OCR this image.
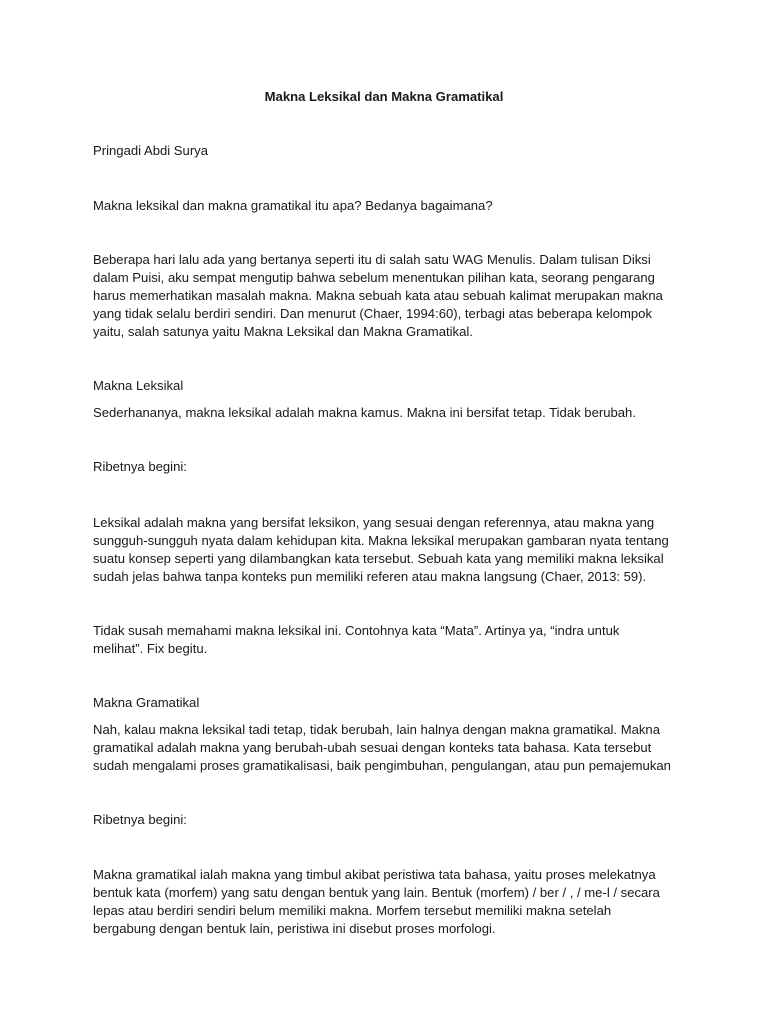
Makna Leksikal dan Makna Gramatikal
Pringadi Abdi Surya
Makna leksikal dan makna gramatikal itu apa? Bedanya bagaimana?
Beberapa hari lalu ada yang bertanya seperti itu di salah satu WAG Menulis. Dalam tulisan Diksi
dalam Puisi, aku sempat mengutip bahwa sebelum menentukan pilihan kata, seorang pengarang
harus memerhatikan masalah makna. Makna sebuah kata atau sebuah kalimat merupakan makna
yang tidak selalu berdiri sendiri. Dan menurut (Chaer, 1994:60), terbagi atas beberapa kelompok
yaitu, salah satunya yaitu Makna Leksikal dan Makna Gramatikal.
Makna Leksikal
Sederhananya, makna leksikal adalah makna kamus. Makna ini bersifat tetap. Tidak berubah.
Ribetnya begini:
Leksikal adalah makna yang bersifat leksikon, yang sesuai dengan referennya, atau makna yang
sungguh-sungguh nyata dalam kehidupan kita. Makna leksikal merupakan gambaran nyata tentang
suatu konsep seperti yang dilambangkan kata tersebut. Sebuah kata yang memiliki makna leksikal
sudah jelas bahwa tanpa konteks pun memiliki referen atau makna langsung (Chaer, 2013: 59).
Tidak susah memahami makna leksikal ini. Contohnya kata “Mata”. Artinya ya, “indra untuk
melihat”. Fix begitu.
Makna Gramatikal
Nah, kalau makna leksikal tadi tetap, tidak berubah, lain halnya dengan makna gramatikal. Makna
gramatikal adalah makna yang berubah-ubah sesuai dengan konteks tata bahasa. Kata tersebut
sudah mengalami proses gramatikalisasi, baik pengimbuhan, pengulangan, atau pun pemajemukan
Ribetnya begini:
Makna gramatikal ialah makna yang timbul akibat peristiwa tata bahasa, yaitu proses melekatnya
bentuk kata (morfem) yang satu dengan bentuk yang lain. Bentuk (morfem) / ber / , / me-l / secara
lepas atau berdiri sendiri belum memiliki makna. Morfem tersebut memiliki makna setelah
bergabung dengan bentuk lain, peristiwa ini disebut proses morfologi.
